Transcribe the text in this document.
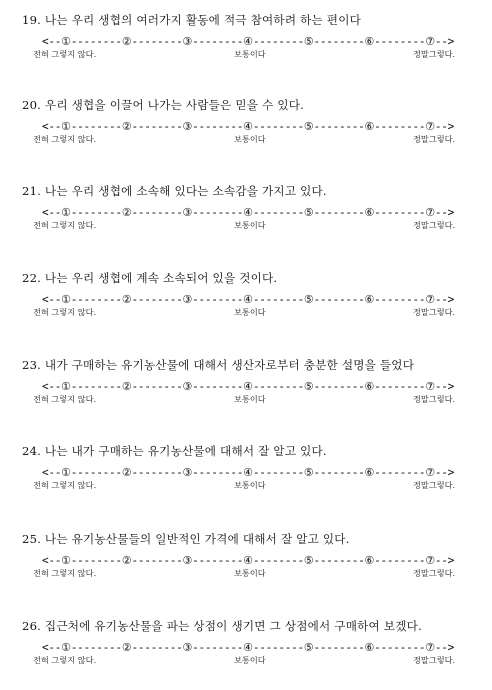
19. 나는 우리 생협의 여러가지 활동에 적극 참여하려 하는 편이다
<--①--------②--------③--------④--------⑤--------⑥--------⑦-->
전혀 그렇지 않다.	보통이다	정말그렇다.
20. 우리 생협을 이끌어 나가는 사람들은 믿을 수 있다.
<--①--------②--------③--------④--------⑤--------⑥--------⑦-->
전혀 그렇지 않다.	보통이다	정말그렇다.
21. 나는 우리 생협에 소속해 있다는 소속감을 가지고 있다.
<--①--------②--------③--------④--------⑤--------⑥--------⑦-->
전혀 그렇지 않다.	보통이다	정말그렇다.
22. 나는 우리 생협에 계속 소속되어 있을 것이다.
<--①--------②--------③--------④--------⑤--------⑥--------⑦-->
전혀 그렇지 않다.	보통이다	정말그렇다.
23. 내가 구매하는 유기농산물에 대해서 생산자로부터 충분한 설명을 들었다
<--①--------②--------③--------④--------⑤--------⑥--------⑦-->
전혀 그렇지 않다.	보통이다	정말그렇다.
24. 나는 내가 구매하는 유기농산물에 대해서 잘 알고 있다.
<--①--------②--------③--------④--------⑤--------⑥--------⑦-->
전혀 그렇지 않다.	보통이다	정말그렇다.
25. 나는 유기농산물들의 일반적인 가격에 대해서 잘 알고 있다.
<--①--------②--------③--------④--------⑤--------⑥--------⑦-->
전혀 그렇지 않다.	보통이다	정말그렇다.
26. 집근처에 유기농산물을 파는 상점이 생기면 그 상점에서 구매하여 보겠다.
<--①--------②--------③--------④--------⑤--------⑥--------⑦-->
전혀 그렇지 않다.	보통이다	정말그렇다.
